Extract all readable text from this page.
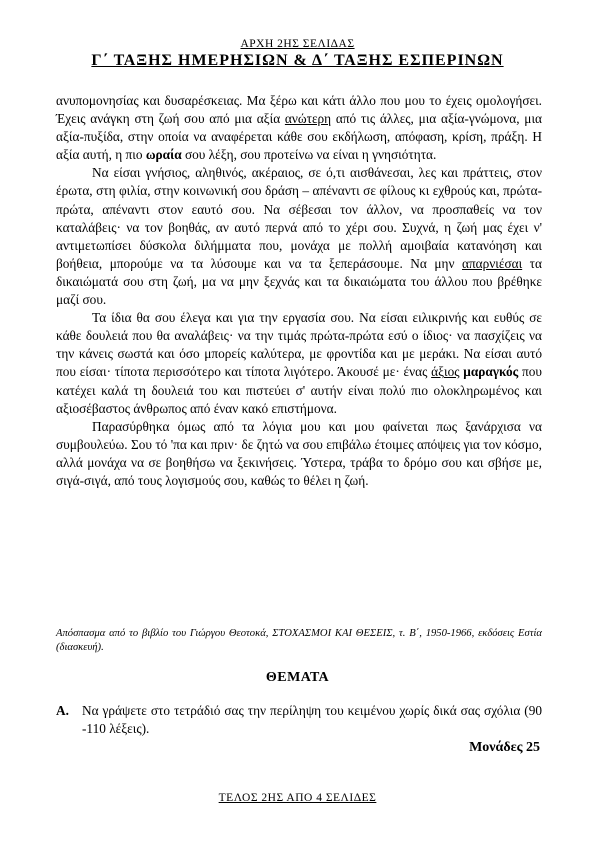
ΑΡΧΗ 2ΗΣ ΣΕΛΙΔΑΣ
Γ΄ ΤΑΞΗΣ ΗΜΕΡΗΣΙΩΝ & Δ΄ ΤΑΞΗΣ ΕΣΠΕΡΙΝΩΝ

ανυπομονησίας και δυσαρέσκειας. Μα ξέρω και κάτι άλλο που μου το έχεις ομολογήσει. Έχεις ανάγκη στη ζωή σου από μια αξία ανώτερη από τις άλλες, μια αξία-γνώμονα, μια αξία-πυξίδα, στην οποία να αναφέρεται κάθε σου εκδήλωση, απόφαση, κρίση, πράξη. Η αξία αυτή, η πιο ωραία σου λέξη, σου προτείνω να είναι η γνησιότητα.

Να είσαι γνήσιος, αληθινός, ακέραιος, σε ό,τι αισθάνεσαι, λες και πράττεις, στον έρωτα, στη φιλία, στην κοινωνική σου δράση – απέναντι σε φίλους κι εχθρούς και, πρώτα-πρώτα, απέναντι στον εαυτό σου. Να σέβεσαι τον άλλον, να προσπαθείς να τον καταλάβεις· να τον βοηθάς, αν αυτό περνά από το χέρι σου. Συχνά, η ζωή μας έχει ν' αντιμετωπίσει δύσκολα διλήμματα που, μονάχα με πολλή αμοιβαία κατανόηση και βοήθεια, μπορούμε να τα λύσουμε και να τα ξεπεράσουμε. Να μην απαρνιέσαι τα δικαιώματά σου στη ζωή, μα να μην ξεχνάς και τα δικαιώματα του άλλου που βρέθηκε μαζί σου.

Τα ίδια θα σου έλεγα και για την εργασία σου. Να είσαι ειλικρινής και ευθύς σε κάθε δουλειά που θα αναλάβεις· να την τιμάς πρώτα-πρώτα εσύ ο ίδιος· να πασχίζεις να την κάνεις σωστά και όσο μπορείς καλύτερα, με φροντίδα και με μεράκι. Να είσαι αυτό που είσαι· τίποτα περισσότερο και τίποτα λιγότερο. Άκουσέ με· ένας άξιος μαραγκός που κατέχει καλά τη δουλειά του και πιστεύει σ' αυτήν είναι πολύ πιο ολοκληρωμένος και αξιοσέβαστος άνθρωπος από έναν κακό επιστήμονα.

Παρασύρθηκα όμως από τα λόγια μου και μου φαίνεται πως ξανάρχισα να συμβουλεύω. Σου τό 'πα και πριν· δε ζητώ να σου επιβάλω έτοιμες απόψεις για τον κόσμο, αλλά μονάχα να σε βοηθήσω να ξεκινήσεις. Ύστερα, τράβα το δρόμο σου και σβήσε με, σιγά-σιγά, από τους λογισμούς σου, καθώς το θέλει η ζωή.

Απόσπασμα από το βιβλίο του Γιώργου Θεοτοκά, ΣΤΟΧΑΣΜΟΙ ΚΑΙ ΘΕΣΕΙΣ, τ. Β΄, 1950-1966, εκδόσεις Εστία (διασκευή).
ΘΕΜΑΤΑ
Α. Να γράψετε στο τετράδιό σας την περίληψη του κειμένου χωρίς δικά σας σχόλια (90 -110 λέξεις).
Μονάδες 25
ΤΕΛΟΣ 2ΗΣ ΑΠΟ 4 ΣΕΛΙΔΕΣ
